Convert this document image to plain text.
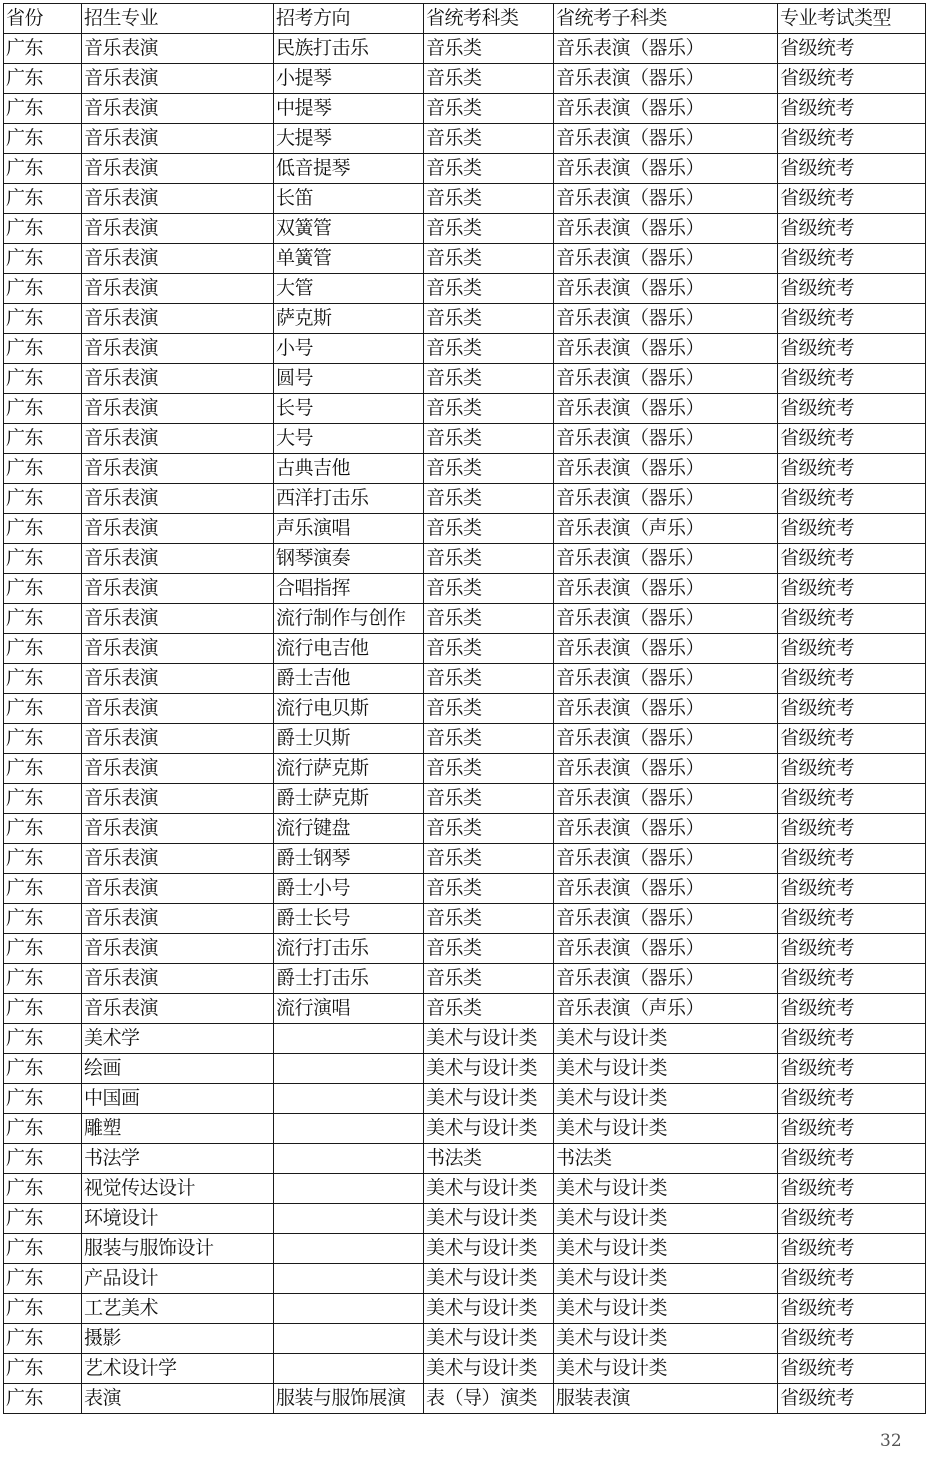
省份	招生专业	招考方向	省统考科类	省统考子科类	专业考试类型
广东	音乐表演	民族打击乐	音乐类	音乐表演（器乐）	省级统考
广东	音乐表演	小提琴	音乐类	音乐表演（器乐）	省级统考
广东	音乐表演	中提琴	音乐类	音乐表演（器乐）	省级统考
广东	音乐表演	大提琴	音乐类	音乐表演（器乐）	省级统考
广东	音乐表演	低音提琴	音乐类	音乐表演（器乐）	省级统考
广东	音乐表演	长笛	音乐类	音乐表演（器乐）	省级统考
广东	音乐表演	双簧管	音乐类	音乐表演（器乐）	省级统考
广东	音乐表演	单簧管	音乐类	音乐表演（器乐）	省级统考
广东	音乐表演	大管	音乐类	音乐表演（器乐）	省级统考
广东	音乐表演	萨克斯	音乐类	音乐表演（器乐）	省级统考
广东	音乐表演	小号	音乐类	音乐表演（器乐）	省级统考
广东	音乐表演	圆号	音乐类	音乐表演（器乐）	省级统考
广东	音乐表演	长号	音乐类	音乐表演（器乐）	省级统考
广东	音乐表演	大号	音乐类	音乐表演（器乐）	省级统考
广东	音乐表演	古典吉他	音乐类	音乐表演（器乐）	省级统考
广东	音乐表演	西洋打击乐	音乐类	音乐表演（器乐）	省级统考
广东	音乐表演	声乐演唱	音乐类	音乐表演（声乐）	省级统考
广东	音乐表演	钢琴演奏	音乐类	音乐表演（器乐）	省级统考
广东	音乐表演	合唱指挥	音乐类	音乐表演（器乐）	省级统考
广东	音乐表演	流行制作与创作	音乐类	音乐表演（器乐）	省级统考
广东	音乐表演	流行电吉他	音乐类	音乐表演（器乐）	省级统考
广东	音乐表演	爵士吉他	音乐类	音乐表演（器乐）	省级统考
广东	音乐表演	流行电贝斯	音乐类	音乐表演（器乐）	省级统考
广东	音乐表演	爵士贝斯	音乐类	音乐表演（器乐）	省级统考
广东	音乐表演	流行萨克斯	音乐类	音乐表演（器乐）	省级统考
广东	音乐表演	爵士萨克斯	音乐类	音乐表演（器乐）	省级统考
广东	音乐表演	流行键盘	音乐类	音乐表演（器乐）	省级统考
广东	音乐表演	爵士钢琴	音乐类	音乐表演（器乐）	省级统考
广东	音乐表演	爵士小号	音乐类	音乐表演（器乐）	省级统考
广东	音乐表演	爵士长号	音乐类	音乐表演（器乐）	省级统考
广东	音乐表演	流行打击乐	音乐类	音乐表演（器乐）	省级统考
广东	音乐表演	爵士打击乐	音乐类	音乐表演（器乐）	省级统考
广东	音乐表演	流行演唱	音乐类	音乐表演（声乐）	省级统考
广东	美术学		美术与设计类	美术与设计类	省级统考
广东	绘画		美术与设计类	美术与设计类	省级统考
广东	中国画		美术与设计类	美术与设计类	省级统考
广东	雕塑		美术与设计类	美术与设计类	省级统考
广东	书法学		书法类	书法类	省级统考
广东	视觉传达设计		美术与设计类	美术与设计类	省级统考
广东	环境设计		美术与设计类	美术与设计类	省级统考
广东	服装与服饰设计		美术与设计类	美术与设计类	省级统考
广东	产品设计		美术与设计类	美术与设计类	省级统考
广东	工艺美术		美术与设计类	美术与设计类	省级统考
广东	摄影		美术与设计类	美术与设计类	省级统考
广东	艺术设计学		美术与设计类	美术与设计类	省级统考
广东	表演	服装与服饰展演	表（导）演类	服装表演	省级统考
32
